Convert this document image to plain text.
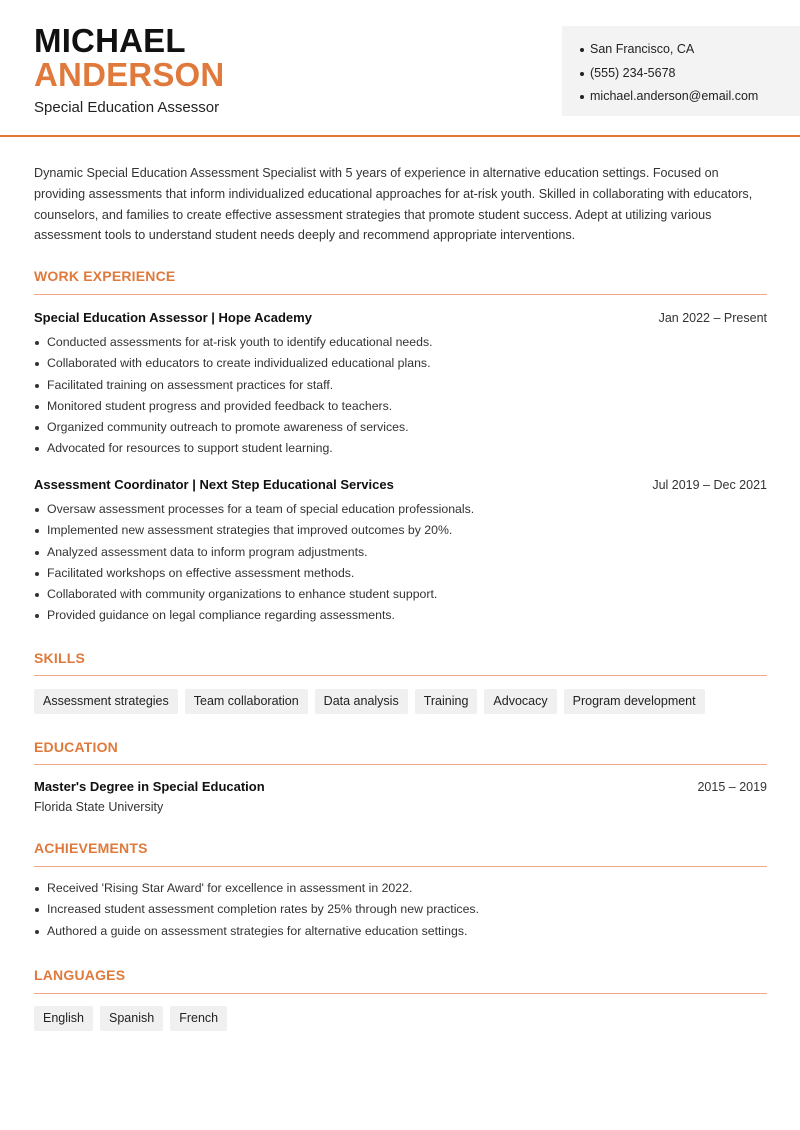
MICHAEL
ANDERSON
Special Education Assessor
San Francisco, CA
(555) 234-5678
michael.anderson@email.com

Dynamic Special Education Assessment Specialist with 5 years of experience in alternative education settings. Focused on providing assessments that inform individualized educational approaches for at-risk youth. Skilled in collaborating with educators, counselors, and families to create effective assessment strategies that promote student success. Adept at utilizing various assessment tools to understand student needs deeply and recommend appropriate interventions.

WORK EXPERIENCE
Special Education Assessor | Hope Academy	Jan 2022 – Present
Conducted assessments for at-risk youth to identify educational needs.
Collaborated with educators to create individualized educational plans.
Facilitated training on assessment practices for staff.
Monitored student progress and provided feedback to teachers.
Organized community outreach to promote awareness of services.
Advocated for resources to support student learning.
Assessment Coordinator | Next Step Educational Services	Jul 2019 – Dec 2021
Oversaw assessment processes for a team of special education professionals.
Implemented new assessment strategies that improved outcomes by 20%.
Analyzed assessment data to inform program adjustments.
Facilitated workshops on effective assessment methods.
Collaborated with community organizations to enhance student support.
Provided guidance on legal compliance regarding assessments.
SKILLS
Assessment strategies	Team collaboration	Data analysis	Training	Advocacy	Program development
EDUCATION
Master's Degree in Special Education	2015 – 2019
Florida State University
ACHIEVEMENTS
Received 'Rising Star Award' for excellence in assessment in 2022.
Increased student assessment completion rates by 25% through new practices.
Authored a guide on assessment strategies for alternative education settings.
LANGUAGES
English	Spanish	French
